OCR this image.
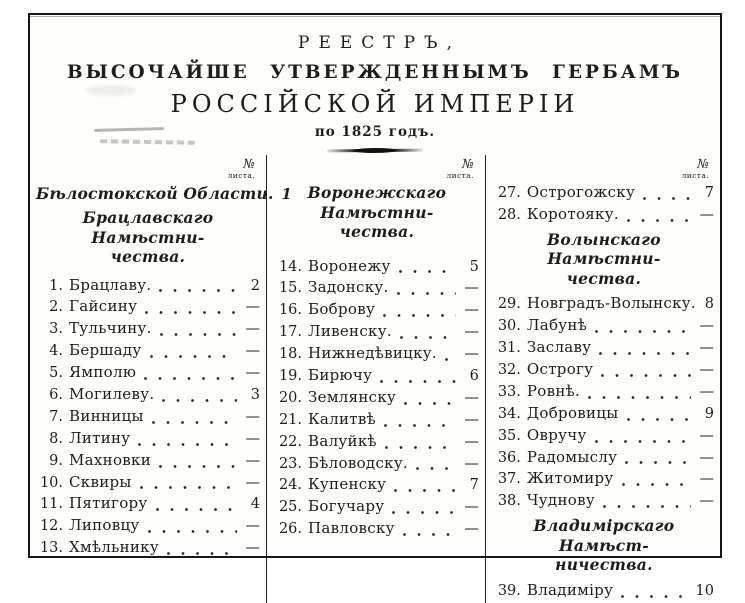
РЕЕСТРЪ,
ВЫСОЧАЙШЕ УТВЕРЖДЕННЫМЪ ГЕРБАМЪ
РОССІЙСКОЙ ИМПЕРІИ
по 1825 годъ.
№
листа.
Бѣлостокской Области. 1
Брацлавскаго Намѣстни-
чества.
1. Брацлаву.	2
2. Гайсину	—
3. Тульчину.	—
4. Бершаду	—
5. Ямполю	—
6. Могилеву.	3
7. Винницы	—
8. Литину	—
9. Махновки	—
10. Сквиры	—
11. Пятигору	4
12. Липовцу	—
13. Хмѣльнику	—
№
листа.
Воронежскаго Намѣстни-
чества.
14. Воронежу	5
15. Задонску.	—
16. Боброву	—
17. Ливенску.	—
18. Нижнедѣвицку. —
19. Бирючу	6
20. Землянску	—
21. Калитвѣ	—
22. Валуйкѣ	—
23. Бѣловодску.	—
24. Купенску	7
25. Богучару	—
26. Павловску	—
№
листа.
27. Острогожску	7
28. Коротояку.	—
Волынскаго Намѣстни-
чества.
29. Новградъ-Волынску. 8
30. Лабунѣ	—
31. Заславу	—
32. Острогу	—
33. Ровнѣ.	—
34. Добровицы	9
35. Овручу	—
36. Радомыслу	—
37. Житомиру	—
38. Чуднову	—
Владимірскаго Намѣст-
ничества.
39. Владиміру	10
